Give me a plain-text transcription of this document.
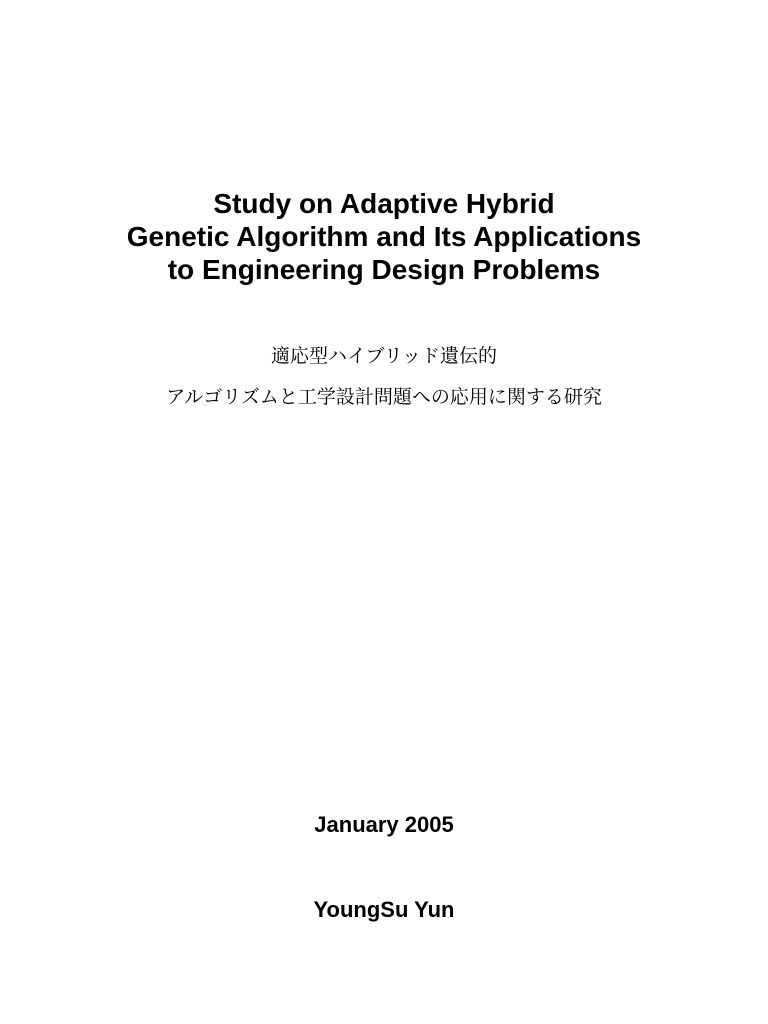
Study on Adaptive Hybrid
Genetic Algorithm and Its Applications
to Engineering Design Problems
適応型ハイブリッド遺伝的
アルゴリズムと工学設計問題への応用に関する研究
January 2005
YoungSu Yun
